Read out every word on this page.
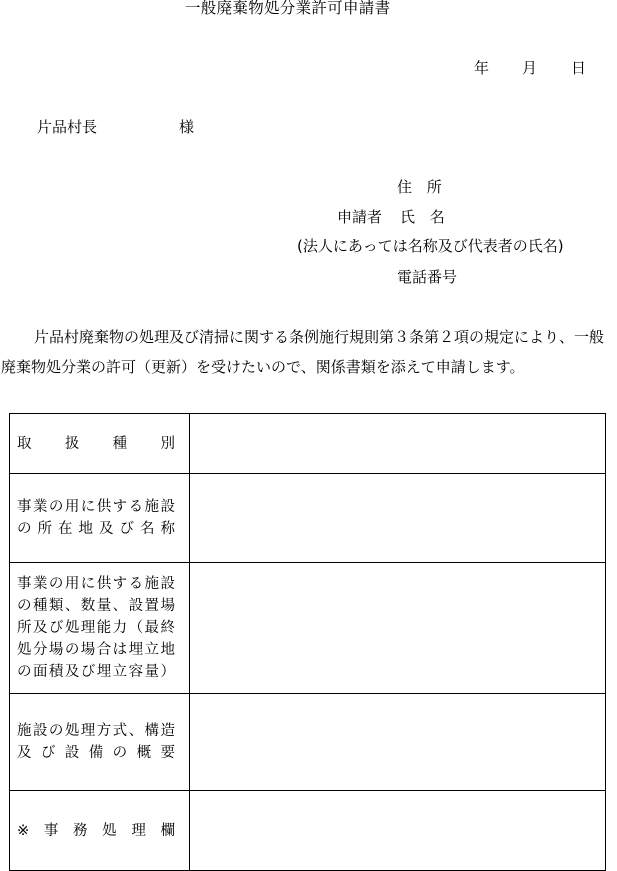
一般廃棄物処分業許可申請書
年 月 日
片品村長	様
住 所
申請者 氏 名
(法人にあっては名称及び代表者の氏名)
電話番号
片品村廃棄物の処理及び清掃に関する条例施行規則第３条第２項の規定により、一般
廃棄物処分業の許可（更新）を受けたいので、関係書類を添えて申請します。
取　扱　種　別	

事業の用に供する施設
の所在地及び名称	

事業の用に供する施設
の種類、数量、設置場
所及び処理能力（最終
処分場の場合は埋立地
の面積及び埋立容量）	

施設の処理方式、構造
及び設備の概要	

※　事　務　処　理　欄	
